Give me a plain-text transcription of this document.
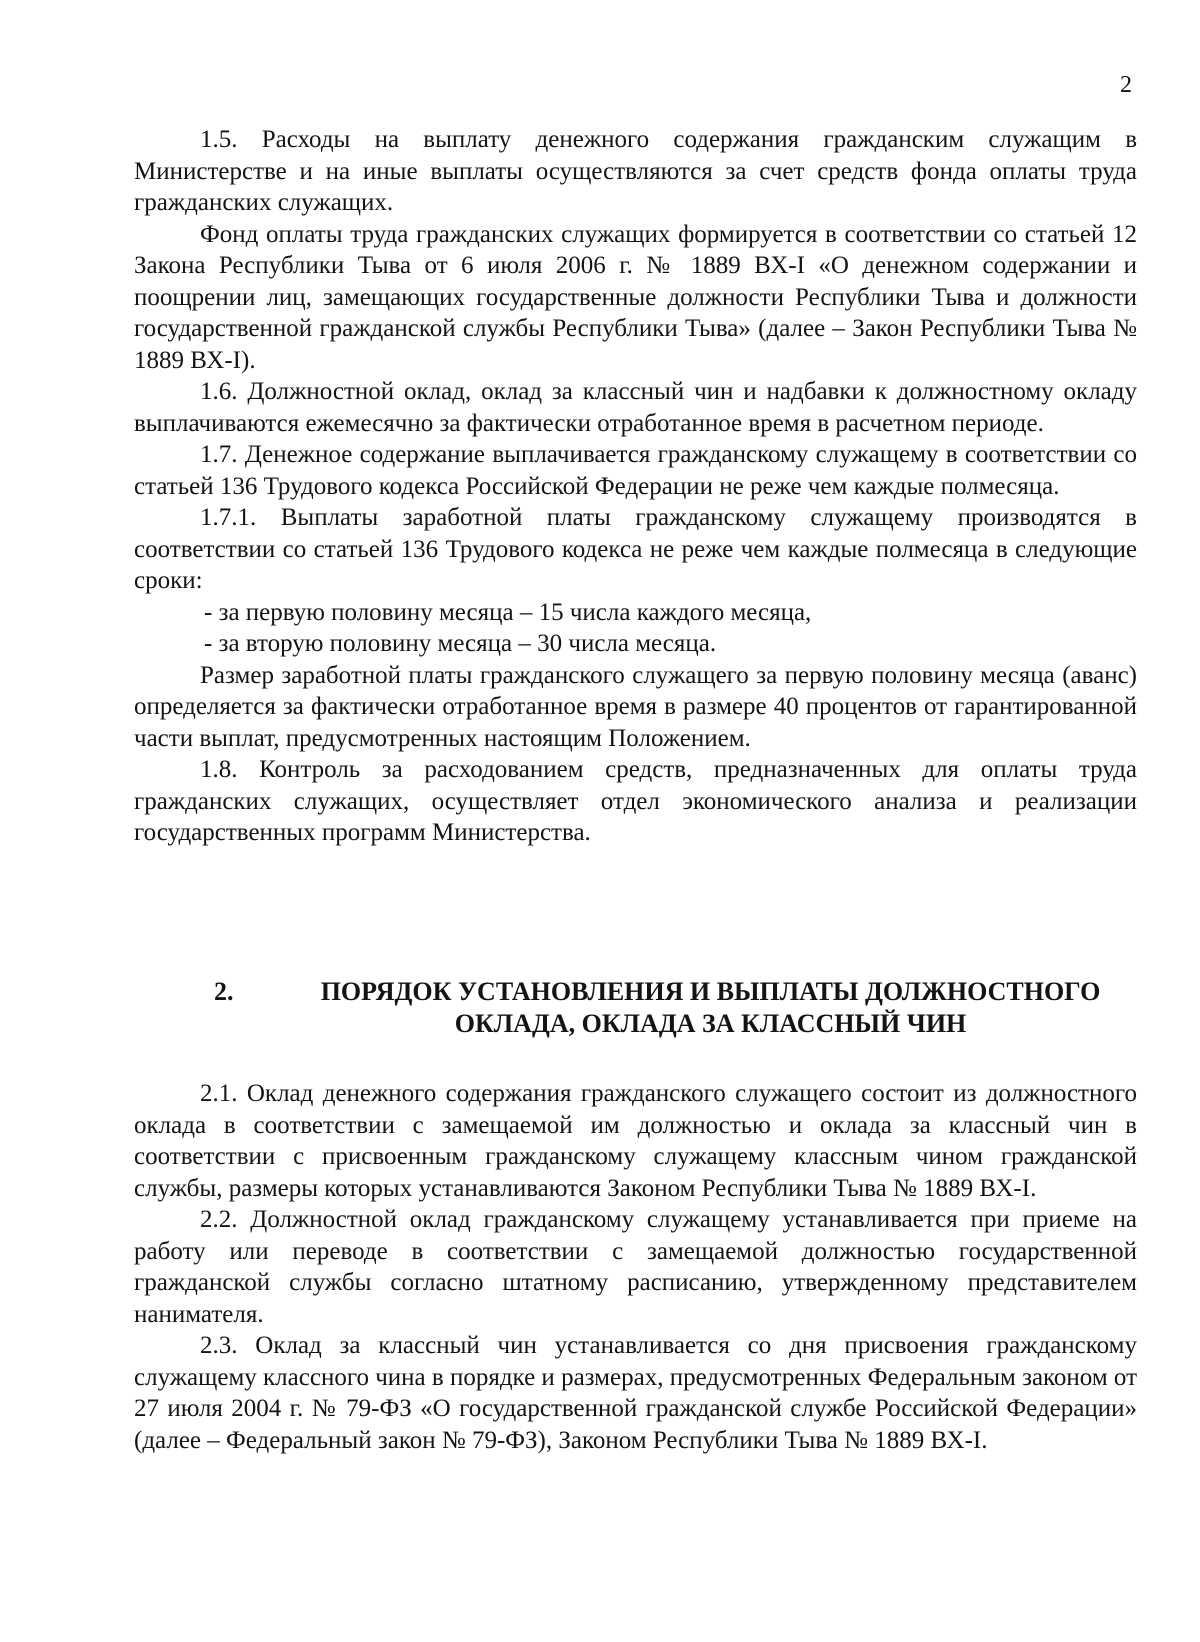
2

1.5. Расходы на выплату денежного содержания гражданским служащим в Министерстве и на иные выплаты осуществляются за счет средств фонда оплаты труда гражданских служащих.

Фонд оплаты труда гражданских служащих формируется в соответствии со статьей 12 Закона Республики Тыва от 6 июля 2006 г. № 1889 ВХ-I «О денежном содержании и поощрении лиц, замещающих государственные должности Республики Тыва и должности государственной гражданской службы Республики Тыва» (далее – Закон Республики Тыва № 1889 ВХ-I).

1.6. Должностной оклад, оклад за классный чин и надбавки к должностному окладу выплачиваются ежемесячно за фактически отработанное время в расчетном периоде.

1.7. Денежное содержание выплачивается гражданскому служащему в соответствии со статьей 136 Трудового кодекса Российской Федерации не реже чем каждые полмесяца.

1.7.1. Выплаты заработной платы гражданскому служащему производятся в соответствии со статьей 136 Трудового кодекса не реже чем каждые полмесяца в следующие сроки:

- за первую половину месяца – 15 числа каждого месяца,

- за вторую половину месяца – 30 числа месяца.

Размер заработной платы гражданского служащего за первую половину месяца (аванс) определяется за фактически отработанное время в размере 40 процентов от гарантированной части выплат, предусмотренных настоящим Положением.

1.8. Контроль за расходованием средств, предназначенных для оплаты труда гражданских служащих, осуществляет отдел экономического анализа и реализации государственных программ Министерства.

2.	ПОРЯДОК УСТАНОВЛЕНИЯ И ВЫПЛАТЫ ДОЛЖНОСТНОГО
ОКЛАДА, ОКЛАДА ЗА КЛАССНЫЙ ЧИН

2.1. Оклад денежного содержания гражданского служащего состоит из должностного оклада в соответствии с замещаемой им должностью и оклада за классный чин в соответствии с присвоенным гражданскому служащему классным чином гражданской службы, размеры которых устанавливаются Законом Республики Тыва № 1889 ВХ-I.

2.2. Должностной оклад гражданскому служащему устанавливается при приеме на работу или переводе в соответствии с замещаемой должностью государственной гражданской службы согласно штатному расписанию, утвержденному представителем нанимателя.

2.3. Оклад за классный чин устанавливается со дня присвоения гражданскому служащему классного чина в порядке и размерах, предусмотренных Федеральным законом от 27 июля 2004 г. № 79-ФЗ «О государственной гражданской службе Российской Федерации» (далее – Федеральный закон № 79-ФЗ), Законом Республики Тыва № 1889 ВХ-I.
